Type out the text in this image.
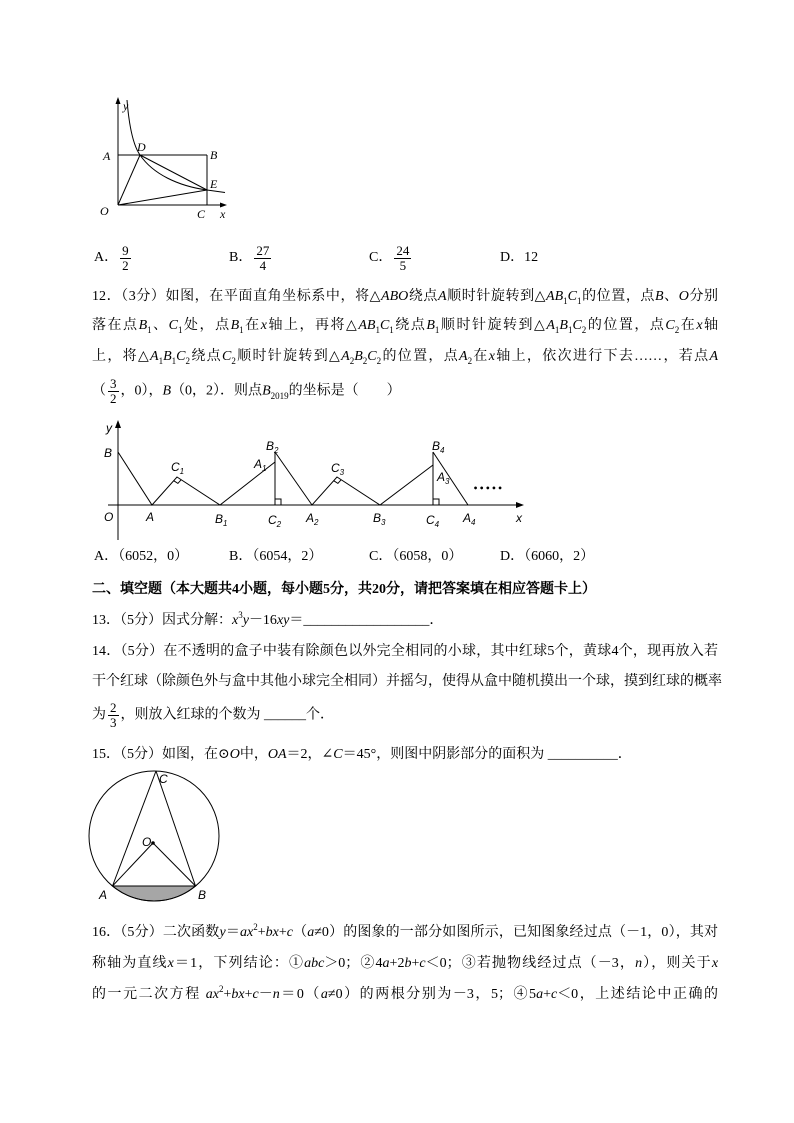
y
A
D
B
E
O	C x
A． $\frac{9}{2}$	B． $\frac{27}{4}$	C． $\frac{24}{5}$	D．12
12．（3分）如图，在平面直角坐标系中，将△ABO绕点A顺时针旋转到$\triangle AB_1C_1$的位置，点B、O分别
落在点$B_1$、$C_1$处，点$B_1$在x轴上，再将$\triangle AB_1C_1$绕点$B_1$顺时针旋转到$\triangle A_1B_1C_2$的位置，点$C_2$在x轴
上，将$\triangle A_1B_1C_2$绕点$C_2$顺时针旋转到$\triangle A_2B_2C_2$的位置，点$A_2$在x轴上，依次进行下去……，若点A
（ $\frac{3}{2}$ ，0），B（0，2）．则点$B_{2019}$的坐标是（　　）
y
B
$C_1$
$B_2$
$A_1$	$C_3$
$B_4$
$A_3$
•••••
O	A	$B_1$	$C_2$ $A_2$	$B_3$	$C_4$ $A_4$	x
A．（6052，0）	B．（6054，2）	C．（6058，0）	D．（6060，2）
二、填空题（本大题共4小题，每小题5分，共20分，请把答案填在相应答题卡上）
13．（5分）因式分解：$x^3y-16xy=\_\_\_\_\_\_\_\_\_\_\_\_\_\_\_\_\_\_$．
14．（5分）在不透明的盒子中装有除颜色以外完全相同的小球，其中红球5个，黄球4个，现再放入若
干个红球（除颜色外与盒中其他小球完全相同）并摇匀，使得从盒中随机摸出一个球，摸到红球的概率
为 $\frac{2}{3}$ ，则放入红球的个数为 ______个．
15．（5分）如图，在⊙O中，OA＝2，∠C＝45°，则图中阴影部分的面积为 __________．
C
O
A	B
16．（5分）二次函数$y=ax^2+bx+c(a\ne 0)$的图象的一部分如图所示，已知图象经过点（－1，0），其对
称轴为直线x＝1，下列结论：①abc＞0；②4a+2b+c＜0；③若抛物线经过点（－3，n），则关于x
的一元二次方程 $ax^2+bx+c-n=0(a\ne 0)$的两根分别为－3，5；④5a+c＜0，上述结论中正确的
